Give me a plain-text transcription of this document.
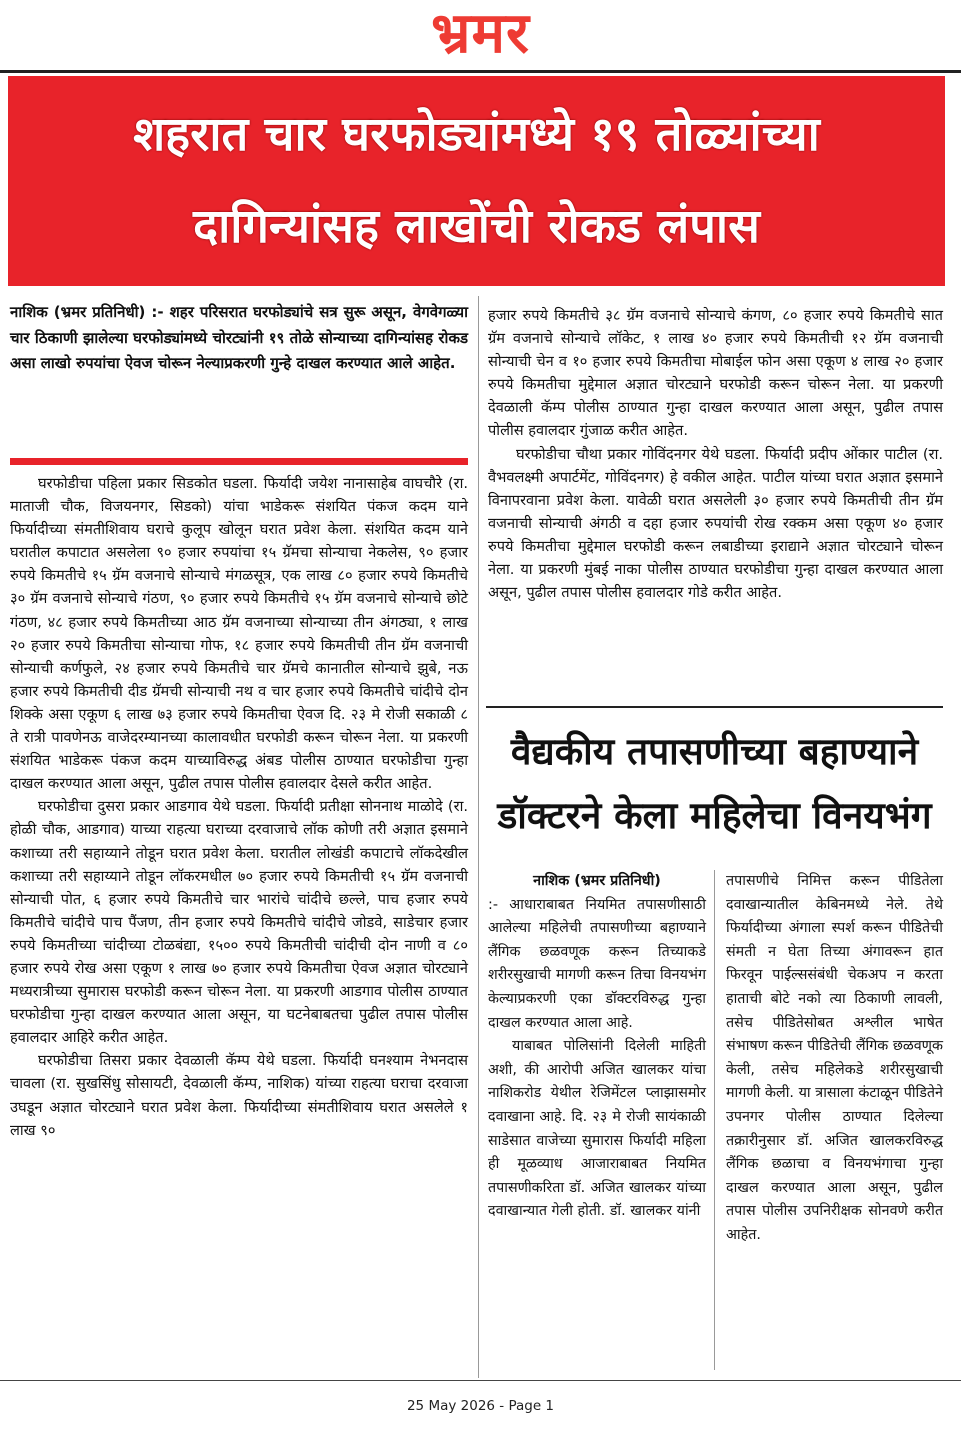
भ्रमर
शहरात चार घरफोड्यांमध्ये १९ तोळ्यांच्या
दागिन्यांसह लाखोंची रोकड लंपास
नाशिक (भ्रमर प्रतिनिधी) :- शहर परिसरात घरफोड्यांचे सत्र सुरू असून, वेगवेगळ्या चार ठिकाणी झालेल्या घरफोड्यांमध्ये चोरट्यांनी १९ तोळे सोन्याच्या दागिन्यांसह रोकड असा लाखो रुपयांचा ऐवज चोरून नेल्याप्रकरणी गुन्हे दाखल करण्यात आले आहेत.

घरफोडीचा पहिला प्रकार सिडकोत घडला. फिर्यादी जयेश नानासाहेब वाघचौरे (रा. माताजी चौक, विजयनगर, सिडको) यांचा भाडेकरू संशयित पंकज कदम याने फिर्यादीच्या संमतीशिवाय घराचे कुलूप खोलून घरात प्रवेश केला. संशयित कदम याने घरातील कपाटात असलेला ९० हजार रुपयांचा १५ ग्रॅमचा सोन्याचा नेकलेस, ९० हजार रुपये किमतीचे १५ ग्रॅम वजनाचे सोन्याचे मंगळसूत्र, एक लाख ८० हजार रुपये किमतीचे ३० ग्रॅम वजनाचे सोन्याचे गंठण, ९० हजार रुपये किमतीचे १५ ग्रॅम वजनाचे सोन्याचे छोटे गंठण, ४८ हजार रुपये किमतीच्या आठ ग्रॅम वजनाच्या सोन्याच्या तीन अंगठ्या, १ लाख २० हजार रुपये किमतीचा सोन्याचा गोफ, १८ हजार रुपये किमतीची तीन ग्रॅम वजनाची सोन्याची कर्णफुले, २४ हजार रुपये किमतीचे चार ग्रॅमचे कानातील सोन्याचे झुबे, नऊ हजार रुपये किमतीची दीड ग्रॅमची सोन्याची नथ व चार हजार रुपये किमतीचे चांदीचे दोन शिक्के असा एकूण ६ लाख ७३ हजार रुपये किमतीचा ऐवज दि. २३ मे रोजी सकाळी ८ ते रात्री पावणेनऊ वाजेदरम्यानच्या कालावधीत घरफोडी करून चोरून नेला. या प्रकरणी संशयित भाडेकरू पंकज कदम याच्याविरुद्ध अंबड पोलीस ठाण्यात घरफोडीचा गुन्हा दाखल करण्यात आला असून, पुढील तपास पोलीस हवालदार देसले करीत आहेत.

घरफोडीचा दुसरा प्रकार आडगाव येथे घडला. फिर्यादी प्रतीक्षा सोननाथ माळोदे (रा. होळी चौक, आडगाव) याच्या राहत्या घराच्या दरवाजाचे लॉक कोणी तरी अज्ञात इसमाने कशाच्या तरी सहाय्याने तोडून घरात प्रवेश केला. घरातील लोखंडी कपाटाचे लॉकदेखील कशाच्या तरी सहाय्याने तोडून लॉकरमधील ७० हजार रुपये किमतीची १५ ग्रॅम वजनाची सोन्याची पोत, ६ हजार रुपये किमतीचे चार भारांचे चांदीचे छल्ले, पाच हजार रुपये किमतीचे चांदीचे पाच पैंजण, तीन हजार रुपये किमतीचे चांदीचे जोडवे, साडेचार हजार रुपये किमतीच्या चांदीच्या टोळबंद्या, १५०० रुपये किमतीची चांदीची दोन नाणी व ८० हजार रुपये रोख असा एकूण १ लाख ७० हजार रुपये किमतीचा ऐवज अज्ञात चोरट्याने मध्यरात्रीच्या सुमारास घरफोडी करून चोरून नेला. या प्रकरणी आडगाव पोलीस ठाण्यात घरफोडीचा गुन्हा दाखल करण्यात आला असून, या घटनेबाबतचा पुढील तपास पोलीस हवालदार आहिरे करीत आहेत.

घरफोडीचा तिसरा प्रकार देवळाली कॅम्प येथे घडला. फिर्यादी घनश्याम नेभनदास चावला (रा. सुखसिंधु सोसायटी, देवळाली कॅम्प, नाशिक) यांच्या राहत्या घराचा दरवाजा उघडून अज्ञात चोरट्याने घरात प्रवेश केला. फिर्यादीच्या संमतीशिवाय घरात असलेले १ लाख ९०

हजार रुपये किमतीचे ३८ ग्रॅम वजनाचे सोन्याचे कंगण, ८० हजार रुपये किमतीचे सात ग्रॅम वजनाचे सोन्याचे लॉकेट, १ लाख ४० हजार रुपये किमतीची १२ ग्रॅम वजनाची सोन्याची चेन व १० हजार रुपये किमतीचा मोबाईल फोन असा एकूण ४ लाख २० हजार रुपये किमतीचा मुद्देमाल अज्ञात चोरट्याने घरफोडी करून चोरून नेला. या प्रकरणी देवळाली कॅम्प पोलीस ठाण्यात गुन्हा दाखल करण्यात आला असून, पुढील तपास पोलीस हवालदार गुंजाळ करीत आहेत.

घरफोडीचा चौथा प्रकार गोविंदनगर येथे घडला. फिर्यादी प्रदीप ओंकार पाटील (रा. वैभवलक्ष्मी अपार्टमेंट, गोविंदनगर) हे वकील आहेत. पाटील यांच्या घरात अज्ञात इसमाने विनापरवाना प्रवेश केला. यावेळी घरात असलेली ३० हजार रुपये किमतीची तीन ग्रॅम वजनाची सोन्याची अंगठी व दहा हजार रुपयांची रोख रक्कम असा एकूण ४० हजार रुपये किमतीचा मुद्देमाल घरफोडी करून लबाडीच्या इराद्याने अज्ञात चोरट्याने चोरून नेला. या प्रकरणी मुंबई नाका पोलीस ठाण्यात घरफोडीचा गुन्हा दाखल करण्यात आला असून, पुढील तपास पोलीस हवालदार गोडे करीत आहेत.

वैद्यकीय तपासणीच्या बहाण्याने
डॉक्टरने केला महिलेचा विनयभंग
नाशिक (भ्रमर प्रतिनिधी)

:- आधाराबाबत नियमित तपासणीसाठी आलेल्या महिलेची तपासणीच्या बहाण्याने लैंगिक छळवणूक करून तिच्याकडे शरीरसुखाची मागणी करून तिचा विनयभंग केल्याप्रकरणी एका डॉक्टरविरुद्ध गुन्हा दाखल करण्यात आला आहे.

याबाबत पोलिसांनी दिलेली माहिती अशी, की आरोपी अजित खालकर यांचा नाशिकरोड येथील रेजिमेंटल प्लाझासमोर दवाखाना आहे. दि. २३ मे रोजी सायंकाळी साडेसात वाजेच्या सुमारास फिर्यादी महिला ही मूळव्याध आजाराबाबत नियमित तपासणीकरिता डॉ. अजित खालकर यांच्या दवाखान्यात गेली होती. डॉ. खालकर यांनी

तपासणीचे निमित्त करून पीडितेला दवाखान्यातील केबिनमध्ये नेले. तेथे फिर्यादीच्या अंगाला स्पर्श करून पीडितेची संमती न घेता तिच्या अंगावरून हात फिरवून पाईल्ससंबंधी चेकअप न करता हाताची बोटे नको त्या ठिकाणी लावली, तसेच पीडितेसोबत अश्लील भाषेत संभाषण करून पीडितेची लैंगिक छळवणूक केली, तसेच महिलेकडे शरीरसुखाची मागणी केली. या त्रासाला कंटाळून पीडितेने उपनगर पोलीस ठाण्यात दिलेल्या तक्रारीनुसार डॉ. अजित खालकरविरुद्ध लैंगिक छळाचा व विनयभंगाचा गुन्हा दाखल करण्यात आला असून, पुढील तपास पोलीस उपनिरीक्षक सोनवणे करीत आहेत.

25 May 2026 - Page 1
